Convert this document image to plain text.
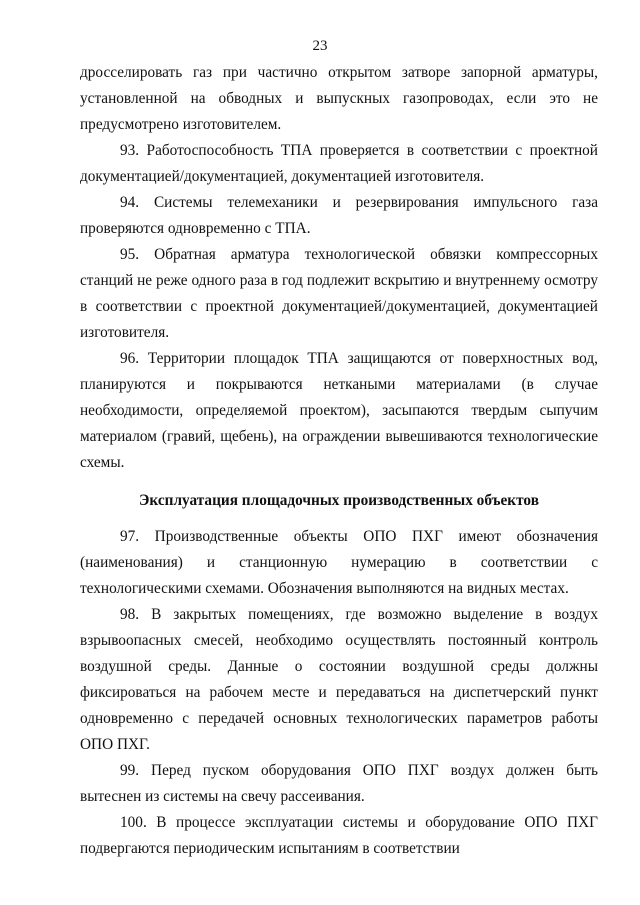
23

дросселировать газ при частично открытом затворе запорной арматуры, установленной на обводных и выпускных газопроводах, если это не предусмотрено изготовителем.

93. Работоспособность ТПА проверяется в соответствии с проектной документацией/документацией, документацией изготовителя.

94. Системы телемеханики и резервирования импульсного газа проверяются одновременно с ТПА.

95. Обратная арматура технологической обвязки компрессорных станций не реже одного раза в год подлежит вскрытию и внутреннему осмотру в соответствии с проектной документацией/документацией, документацией изготовителя.

96. Территории площадок ТПА защищаются от поверхностных вод, планируются и покрываются неткаными материалами (в случае необходимости, определяемой проектом), засыпаются твердым сыпучим материалом (гравий, щебень), на ограждении вывешиваются технологические схемы.

Эксплуатация площадочных производственных объектов

97. Производственные объекты ОПО ПХГ имеют обозначения (наименования) и станционную нумерацию в соответствии с технологическими схемами. Обозначения выполняются на видных местах.

98. В закрытых помещениях, где возможно выделение в воздух взрывоопасных смесей, необходимо осуществлять постоянный контроль воздушной среды. Данные о состоянии воздушной среды должны фиксироваться на рабочем месте и передаваться на диспетчерский пункт одновременно с передачей основных технологических параметров работы ОПО ПХГ.

99. Перед пуском оборудования ОПО ПХГ воздух должен быть вытеснен из системы на свечу рассеивания.

100. В процессе эксплуатации системы и оборудование ОПО ПХГ подвергаются периодическим испытаниям в соответствии
